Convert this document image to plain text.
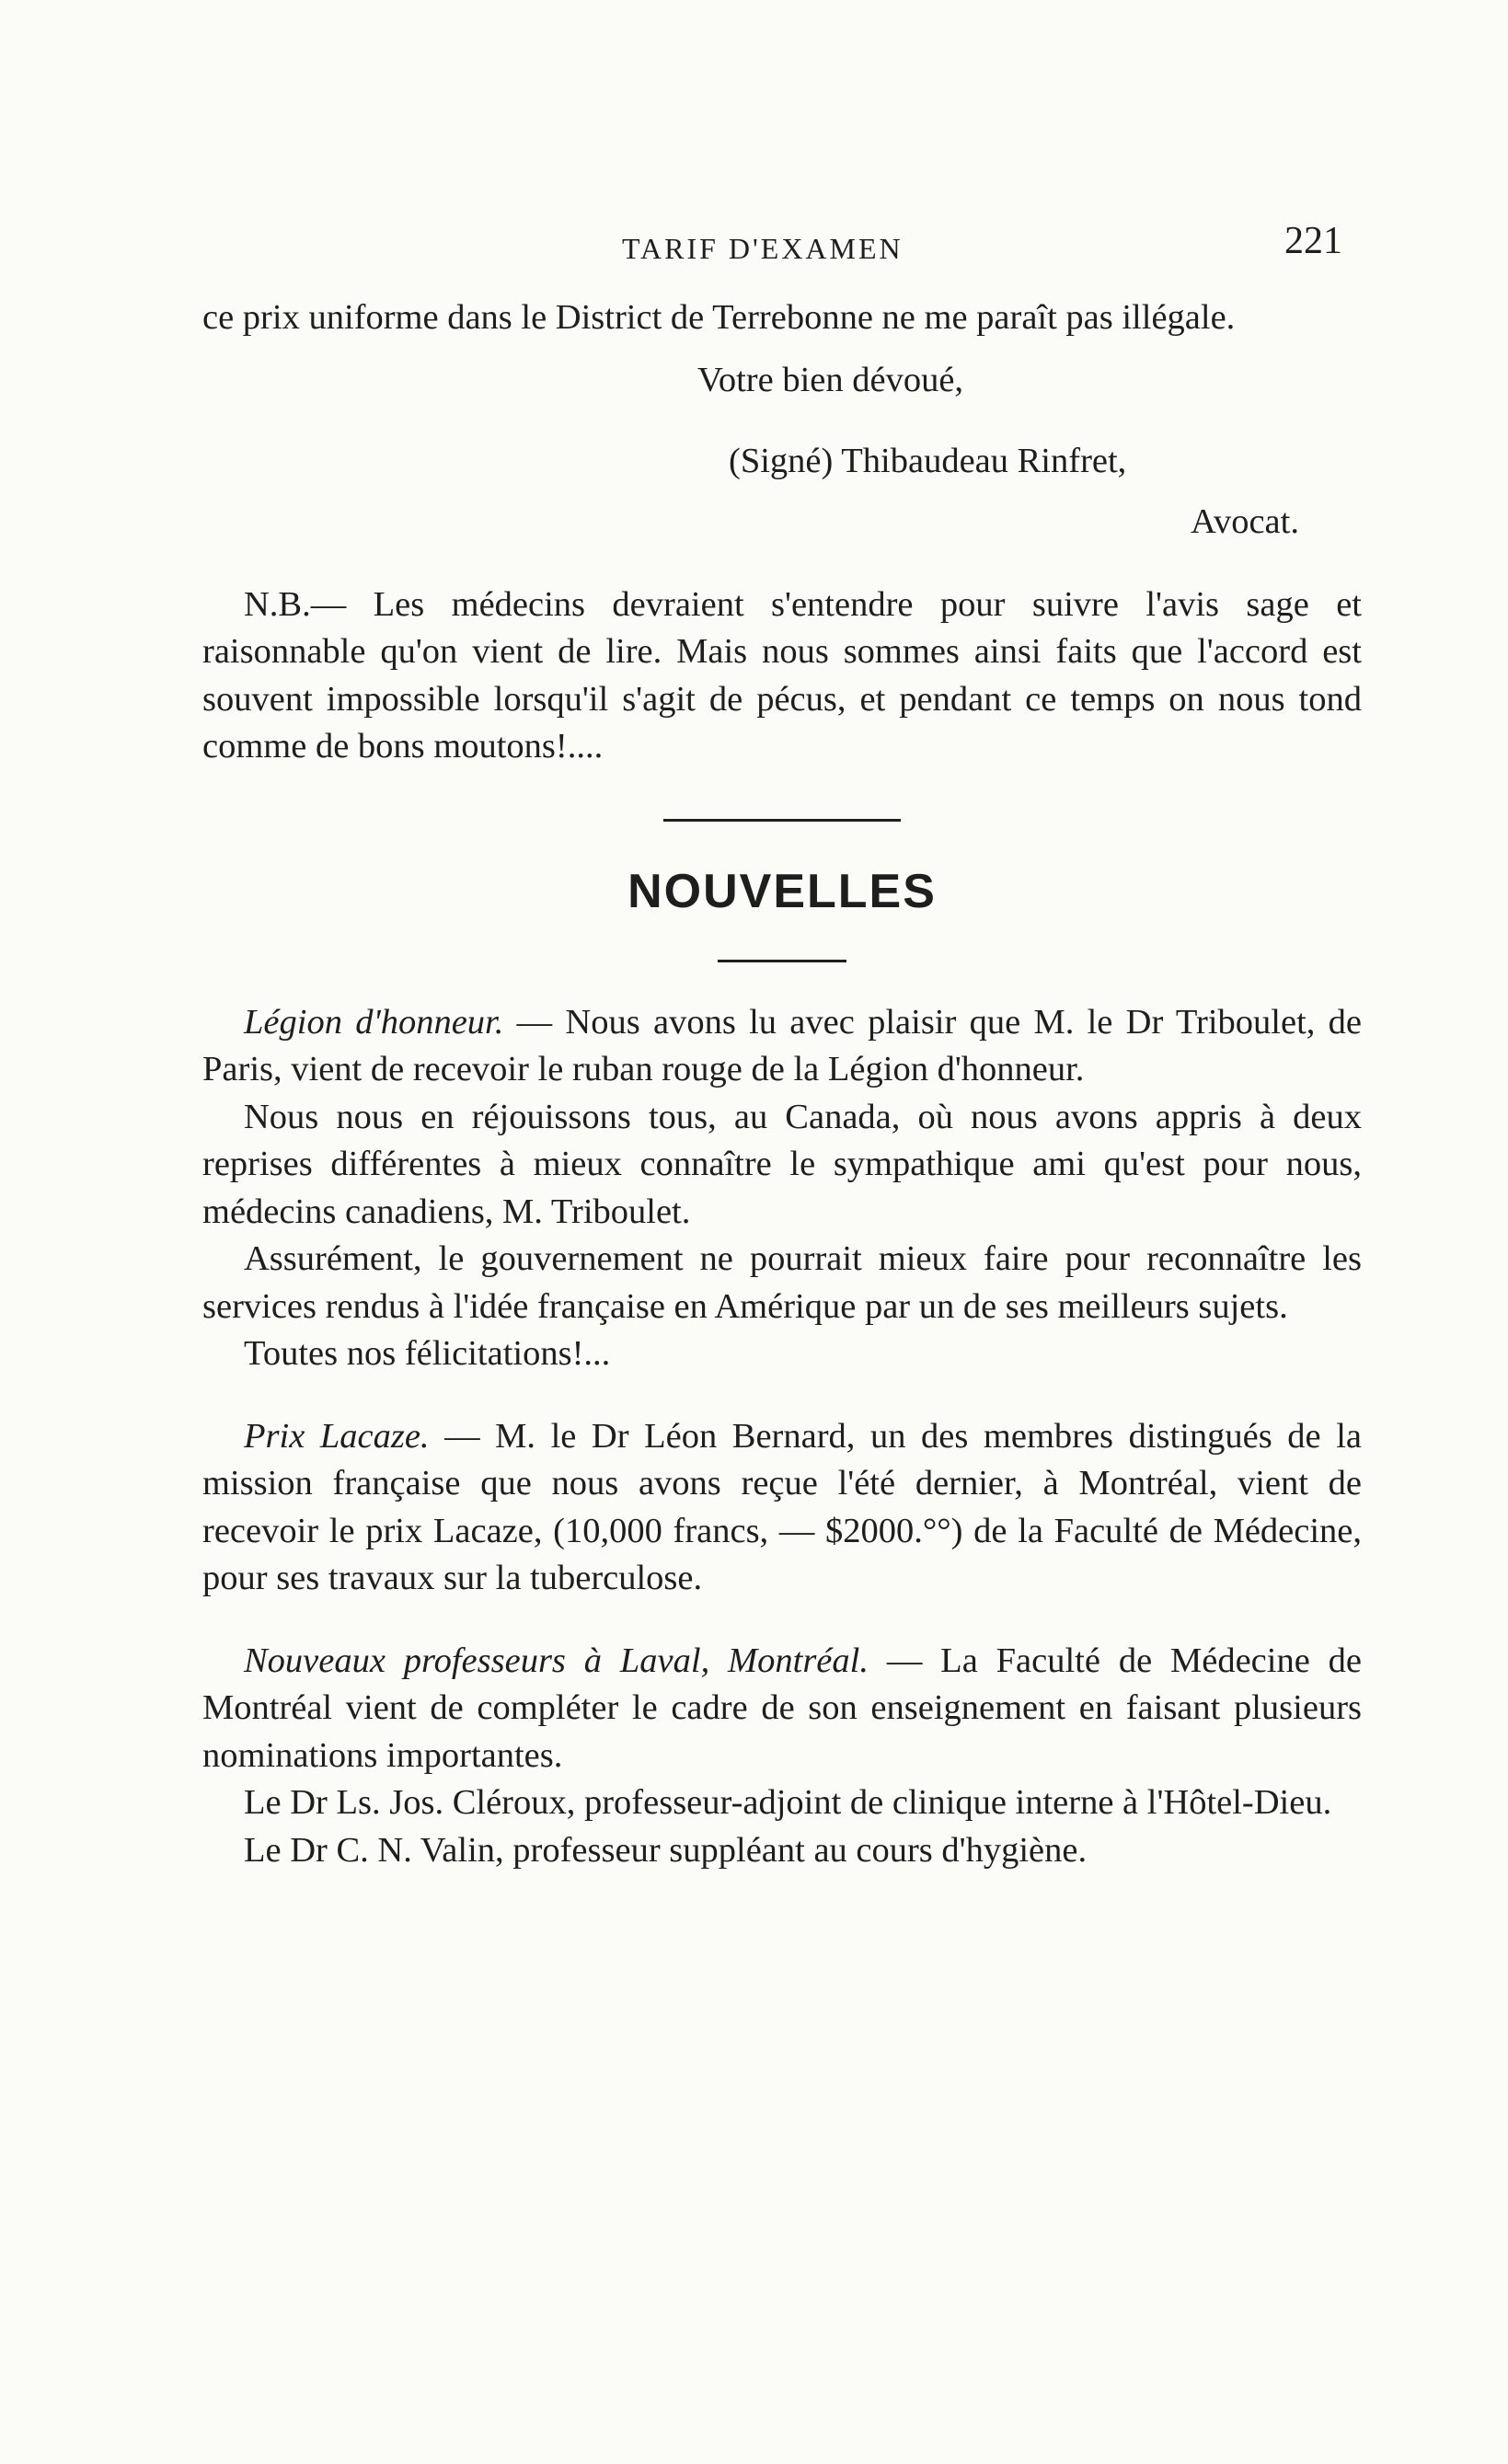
TARIF D'EXAMEN	221

ce prix uniforme dans le District de Terrebonne ne me paraît pas illégale.

Votre bien dévoué,
(Signé) Thibaudeau Rinfret,
Avocat.

N.B.— Les médecins devraient s'entendre pour suivre l'avis sage et raisonnable qu'on vient de lire. Mais nous sommes ainsi faits que l'accord est souvent impossible lorsqu'il s'agit de pécus, et pendant ce temps on nous tond comme de bons moutons!....

NOUVELLES

Légion d'honneur. — Nous avons lu avec plaisir que M. le Dr Triboulet, de Paris, vient de recevoir le ruban rouge de la Légion d'honneur.

Nous nous en réjouissons tous, au Canada, où nous avons appris à deux reprises différentes à mieux connaître le sympathique ami qu'est pour nous, médecins canadiens, M. Triboulet.

Assurément, le gouvernement ne pourrait mieux faire pour reconnaître les services rendus à l'idée française en Amérique par un de ses meilleurs sujets.

Toutes nos félicitations!...

Prix Lacaze. — M. le Dr Léon Bernard, un des membres distingués de la mission française que nous avons reçue l'été dernier, à Montréal, vient de recevoir le prix Lacaze, (10,000 francs, — $2000.°°) de la Faculté de Médecine, pour ses travaux sur la tuberculose.

Nouveaux professeurs à Laval, Montréal. — La Faculté de Médecine de Montréal vient de compléter le cadre de son enseignement en faisant plusieurs nominations importantes.

Le Dr Ls. Jos. Cléroux, professeur-adjoint de clinique interne à l'Hôtel-Dieu.

Le Dr C. N. Valin, professeur suppléant au cours d'hygiène.
